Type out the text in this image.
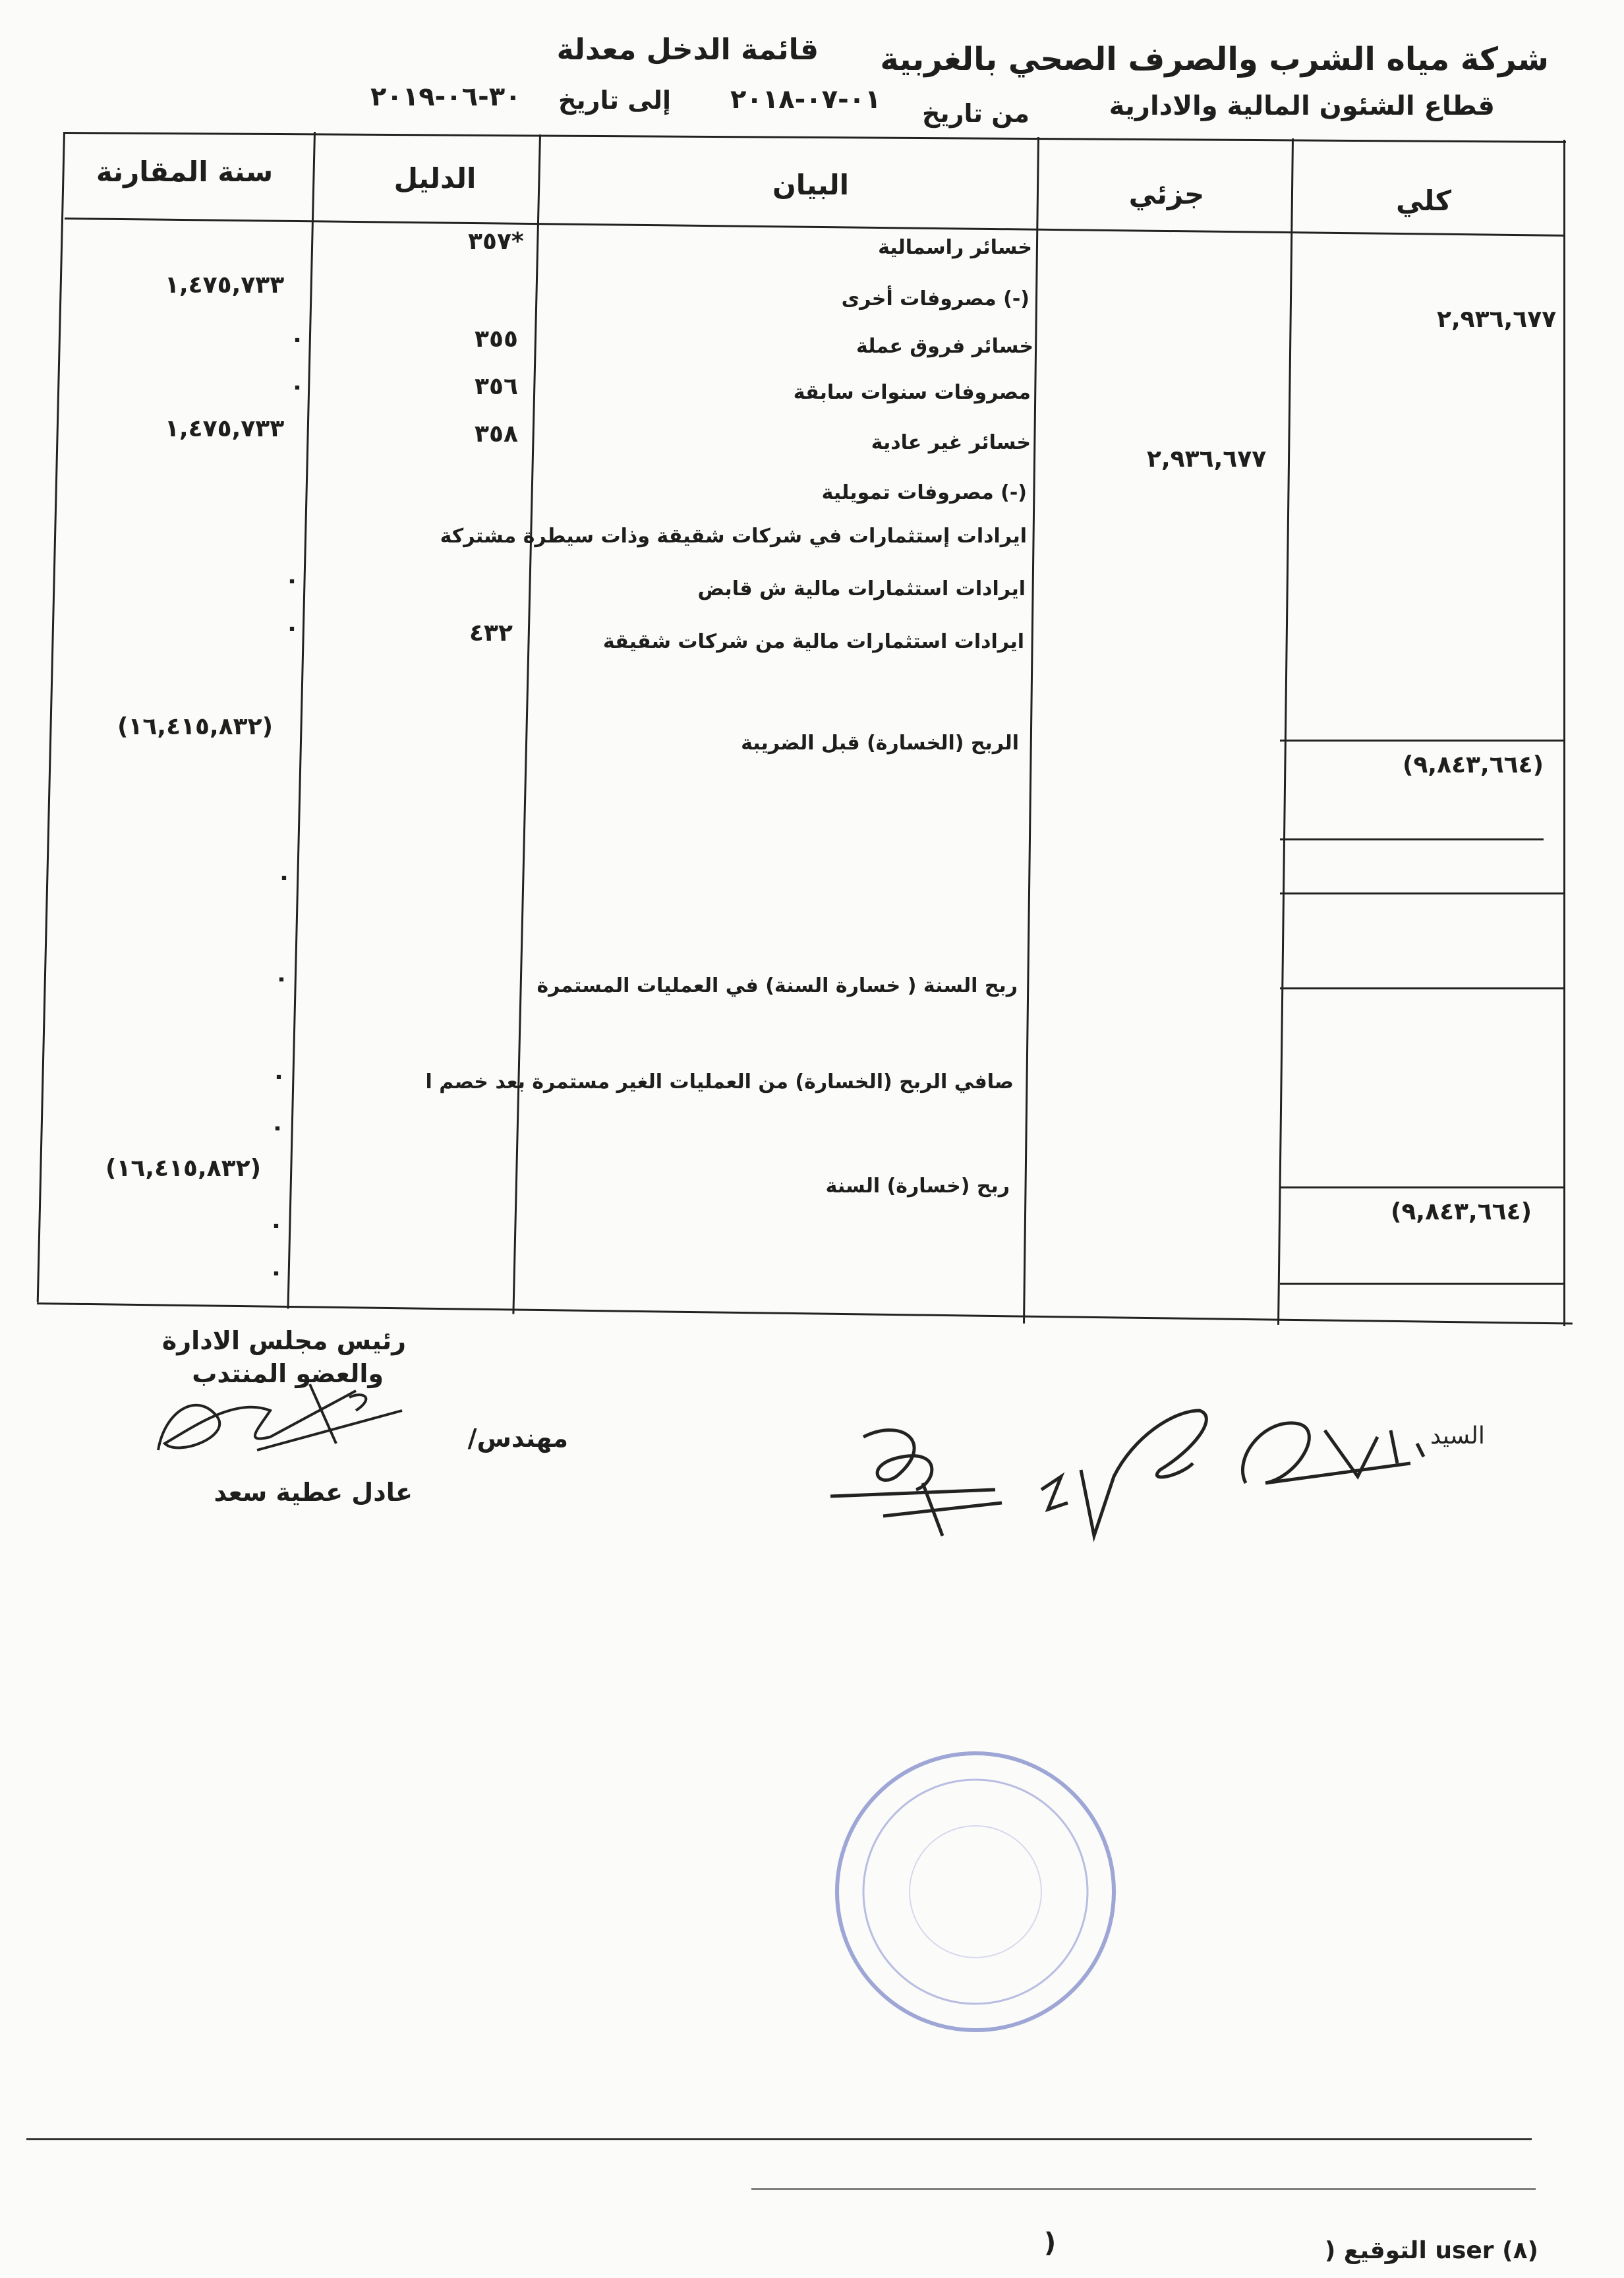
شركة مياه الشرب والصرف الصحي بالغربية
قائمة الدخل معدلة
قطاع الشئون المالية والادارية
من تاريخ
٠١-٠٧-٢٠١٨
إلى تاريخ
٣٠-٠٦-٢٠١٩
كلي
جزئي
البيان
الدليل
سنة المقارنة
خسائر راسمالية
٣٥٧*
(-) مصروفات أخرى
١,٤٧٥,٧٣٣
٢,٩٣٦,٦٧٧
خسائر فروق عملة
٣٥٥
٠
مصروفات سنوات سابقة
٣٥٦
٠
خسائر غير عادية
٣٥٨
١,٤٧٥,٧٣٣
٢,٩٣٦,٦٧٧
(-) مصروفات تمويلية
ايرادات إستثمارات في شركات شقيقة وذات سيطرة مشتركة
ايرادات استثمارات مالية ش قابض
٠
ايرادات استثمارات مالية من شركات شقيقة
٤٣٢
٠
الربح (الخسارة) قبل الضريبة
(١٦,٤١٥,٨٣٢)
(٩,٨٤٣,٦٦٤)
٠
ربح السنة ( خسارة السنة) في العمليات المستمرة
٠
صافي الربح (الخسارة) من العمليات الغير مستمرة بعد خصم ا
٠
٠
ربح (خسارة) السنة
(١٦,٤١٥,٨٣٢)
(٩,٨٤٣,٦٦٤)
٠
٠
رئيس مجلس الادارة
والعضو المنتدب
مهندس/
عادل عطية سعد
السيد
(٨) user التوقيع (
)
